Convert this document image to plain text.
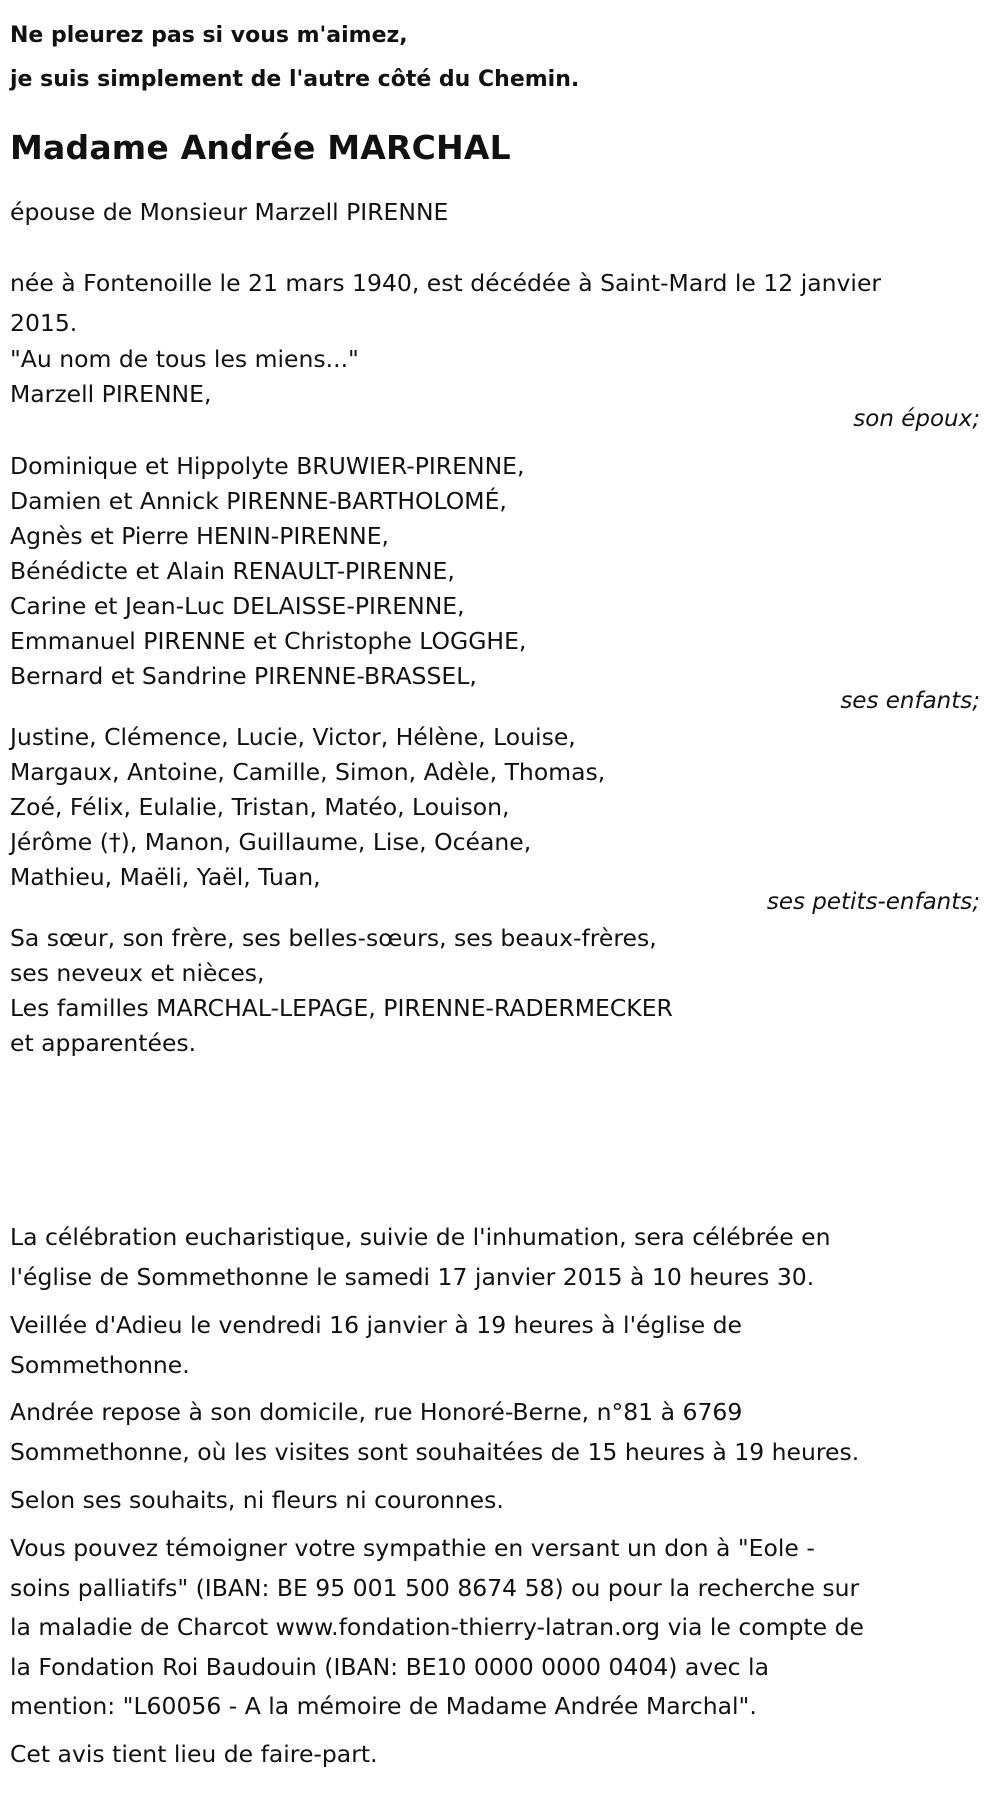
Ne pleurez pas si vous m'aimez,

je suis simplement de l'autre côté du Chemin.

Madame Andrée MARCHAL

épouse de Monsieur Marzell PIRENNE

née à Fontenoille le 21 mars 1940, est décédée à Saint-Mard le 12 janvier

2015.

"Au nom de tous les miens..."

Marzell PIRENNE,

son époux;

Dominique et Hippolyte BRUWIER-PIRENNE,

Damien et Annick PIRENNE-BARTHOLOMÉ,

Agnès et Pierre HENIN-PIRENNE,

Bénédicte et Alain RENAULT-PIRENNE,

Carine et Jean-Luc DELAISSE-PIRENNE,

Emmanuel PIRENNE et Christophe LOGGHE,

Bernard et Sandrine PIRENNE-BRASSEL,

ses enfants;

Justine, Clémence, Lucie, Victor, Hélène, Louise,

Margaux, Antoine, Camille, Simon, Adèle, Thomas,

Zoé, Félix, Eulalie, Tristan, Matéo, Louison,

Jérôme (†), Manon, Guillaume, Lise, Océane,

Mathieu, Maëli, Yaël, Tuan,

ses petits-enfants;

Sa sœur, son frère, ses belles-sœurs, ses beaux-frères,

ses neveux et nièces,

Les familles MARCHAL-LEPAGE, PIRENNE-RADERMECKER

et apparentées.

La célébration eucharistique, suivie de l'inhumation, sera célébrée en

l'église de Sommethonne le samedi 17 janvier 2015 à 10 heures 30.

Veillée d'Adieu le vendredi 16 janvier à 19 heures à l'église de

Sommethonne.

Andrée repose à son domicile, rue Honoré-Berne, n°81 à 6769

Sommethonne, où les visites sont souhaitées de 15 heures à 19 heures.

Selon ses souhaits, ni fleurs ni couronnes.

Vous pouvez témoigner votre sympathie en versant un don à "Eole -

soins palliatifs" (IBAN: BE 95 001 500 8674 58) ou pour la recherche sur

la maladie de Charcot www.fondation-thierry-latran.org via le compte de

la Fondation Roi Baudouin (IBAN: BE10 0000 0000 0404) avec la

mention: "L60056 - A la mémoire de Madame Andrée Marchal".

Cet avis tient lieu de faire-part.
